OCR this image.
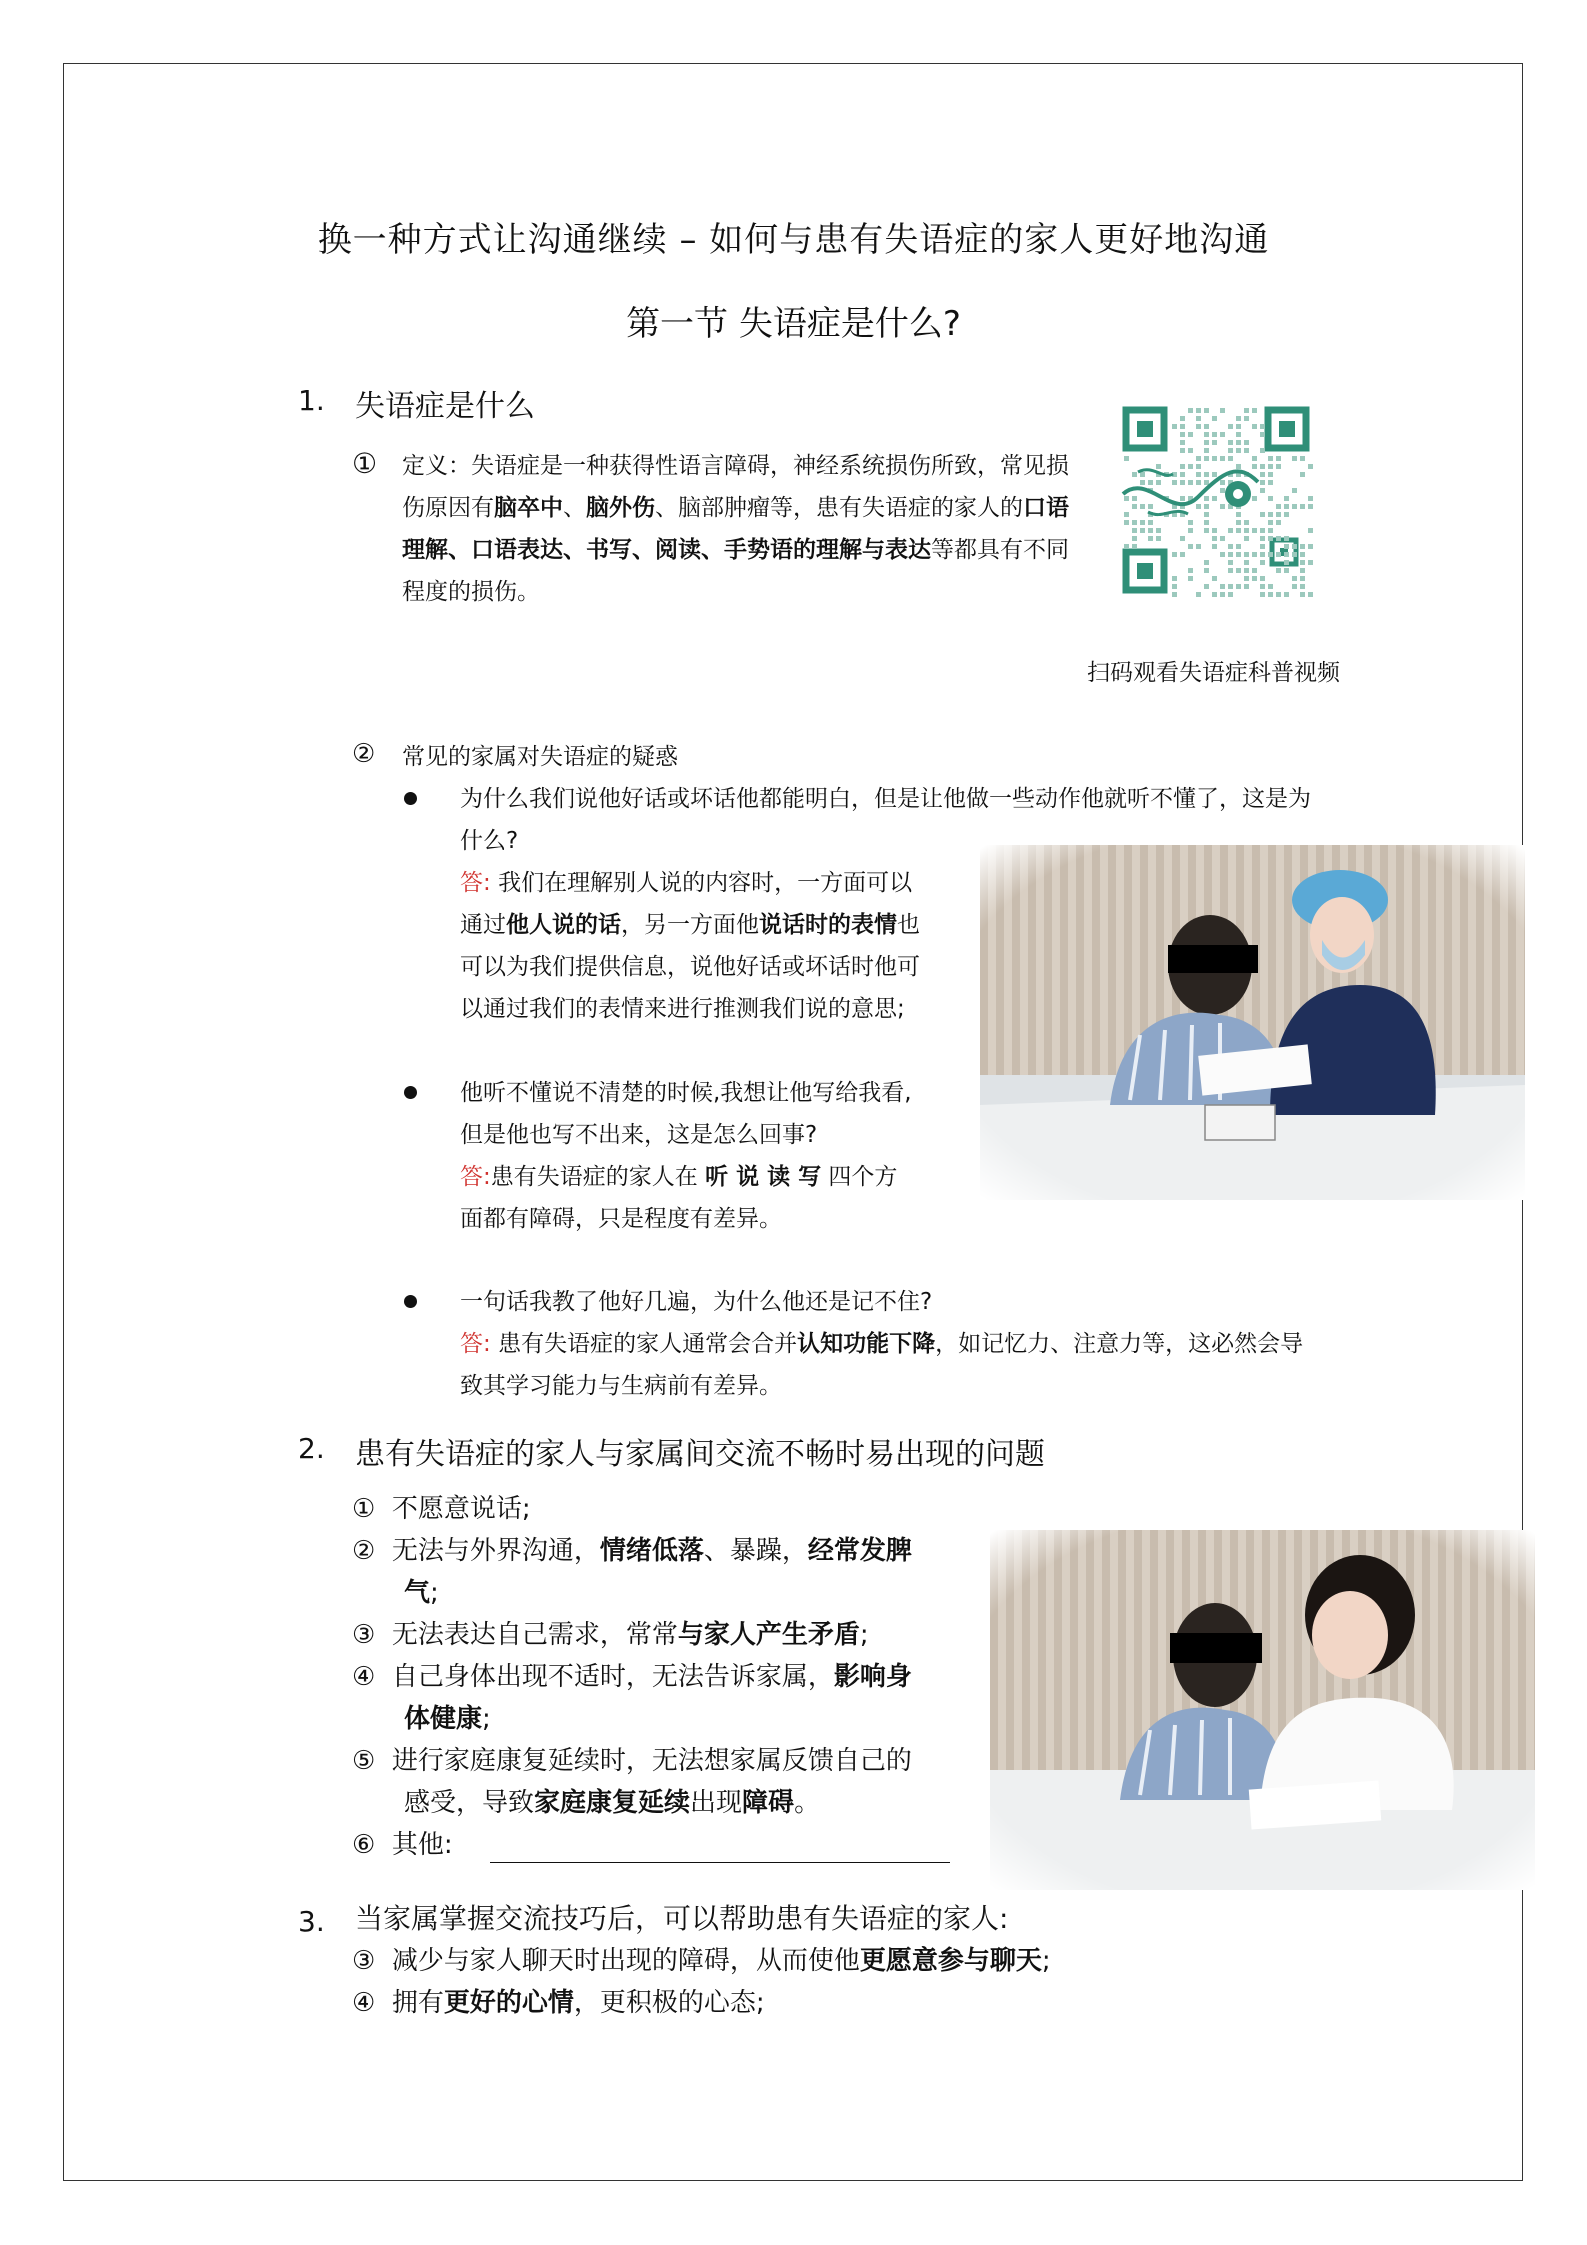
换一种方式让沟通继续 – 如何与患有失语症的家人更好地沟通
第一节 失语症是什么?
1. 失语症是什么
① 定义：失语症是一种获得性语言障碍，神经系统损伤所致，常见损
伤原因有脑卒中、脑外伤、脑部肿瘤等，患有失语症的家人的口语
理解、口语表达、书写、阅读、手势语的理解与表达等都具有不同
程度的损伤。
扫码观看失语症科普视频
② 常见的家属对失语症的疑惑
为什么我们说他好话或坏话他都能明白，但是让他做一些动作他就听不懂了，这是为
什么?
答: 我们在理解别人说的内容时，一方面可以
通过他人说的话，另一方面他说话时的表情也
可以为我们提供信息，说他好话或坏话时他可
以通过我们的表情来进行推测我们说的意思;
他听不懂说不清楚的时候,我想让他写给我看,
但是他也写不出来，这是怎么回事?
答:患有失语症的家人在 听 说 读 写 四个方
面都有障碍，只是程度有差异。
一句话我教了他好几遍，为什么他还是记不住?
答: 患有失语症的家人通常会合并认知功能下降，如记忆力、注意力等，这必然会导
致其学习能力与生病前有差异。
2. 患有失语症的家人与家属间交流不畅时易出现的问题
① 不愿意说话;
② 无法与外界沟通，情绪低落、暴躁，经常发脾
气;
③ 无法表达自己需求，常常与家人产生矛盾;
④ 自己身体出现不适时，无法告诉家属，影响身
体健康;
⑤ 进行家庭康复延续时，无法想家属反馈自己的
感受，导致家庭康复延续出现障碍。
⑥ 其他:
3. 当家属掌握交流技巧后，可以帮助患有失语症的家人:
③ 减少与家人聊天时出现的障碍，从而使他更愿意参与聊天;
④ 拥有更好的心情，更积极的心态;
